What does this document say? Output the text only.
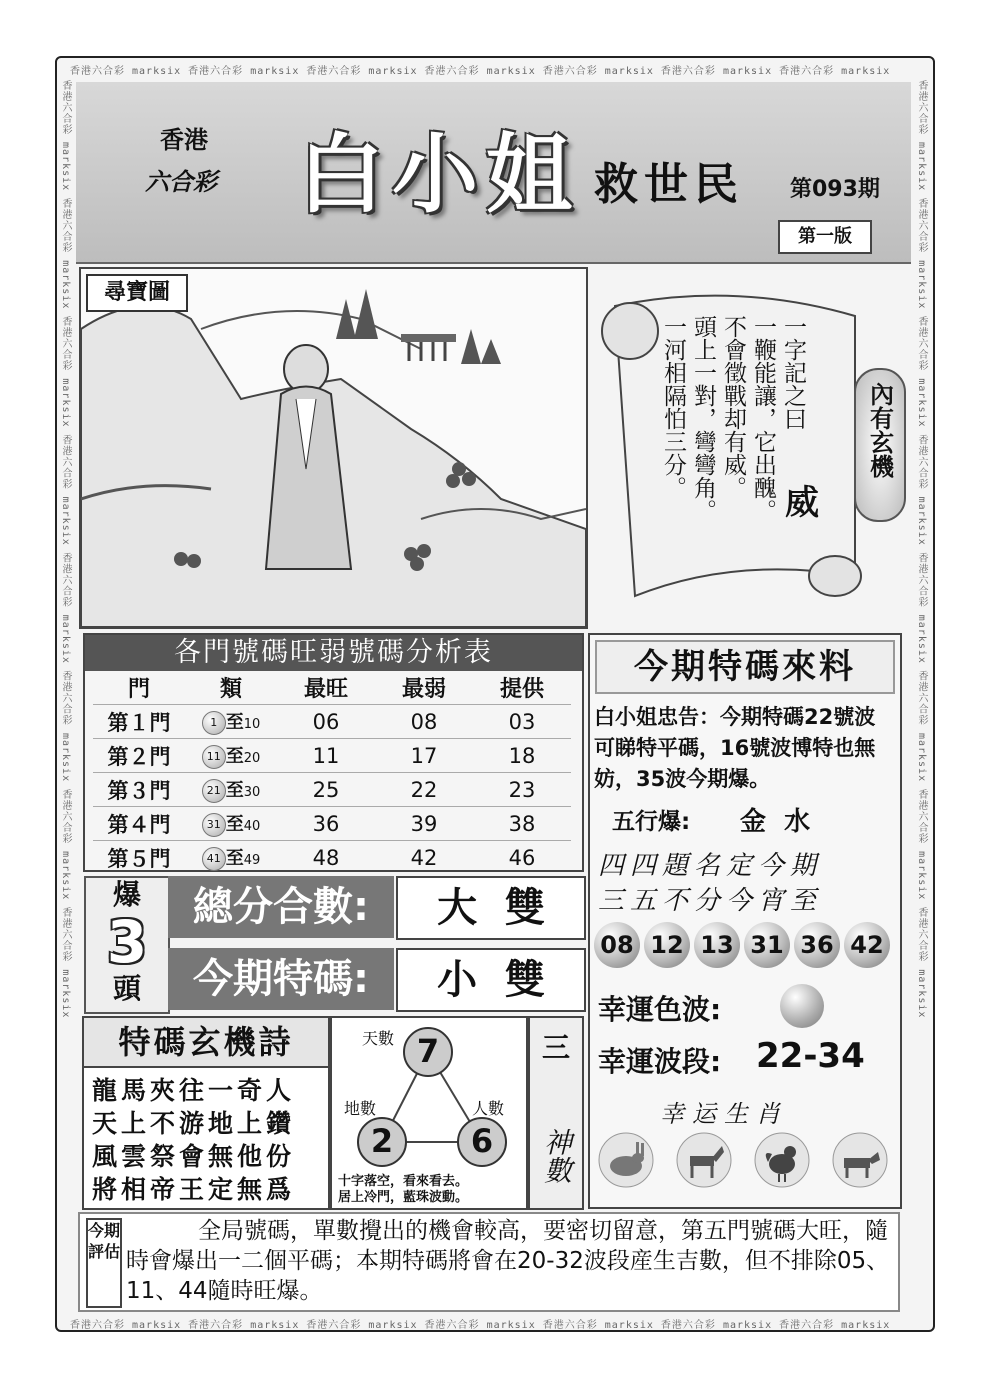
香港六合彩 marksix 香港六合彩 marksix 香港六合彩 marksix 香港六合彩 marksix 香港六合彩 marksix 香港六合彩 marksix 香港六合彩 marksix
香港六合彩 marksix 香港六合彩 marksix 香港六合彩 marksix 香港六合彩 marksix 香港六合彩 marksix 香港六合彩 marksix 香港六合彩 marksix
香港六合彩 marksix 香港六合彩 marksix 香港六合彩 marksix 香港六合彩 marksix 香港六合彩 marksix 香港六合彩 marksix 香港六合彩 marksix 香港六合彩 marksix	香港六合彩 marksix 香港六合彩 marksix 香港六合彩 marksix 香港六合彩 marksix 香港六合彩 marksix 香港六合彩 marksix 香港六合彩 marksix 香港六合彩 marksix
香港
六合彩 白小姐 救世民 第093期
第一版
尋寶圖
一字記之曰
一鞭能讓，它出醜。
不會徵戰却有威。
頭上一對，彎彎角。
一河相隔怕三分。
威
內有玄機
各門號碼旺弱號碼分析表
門	類	最旺	最弱	提供
第１門	1 至10	06	08	03
第２門	11 至20	11	17	18
第３門	21 至30	25	22	23
第４門	31 至40	36	39	38
第５門	41 至49	48	42	46
今期特碼來料
白小姐忠告：今期特碼22號波可睇特平碼，16號波博特也無妨，35波今期爆。
五行爆: 金  水
四四題名定今期
三五不分今宵至
08 12 13 31 36 42
幸運色波:
幸運波段: 22-34
幸运生肖
爆
3
頭
總分合數:	大  雙
今期特碼:	小  雙
特碼玄機詩
龍馬夾往一奇人
天上不游地上鑽
風雲祭會無他份
將相帝王定無爲
天數 7
地數
2
人數
6
十字落空，看來看去。
居上冷門，藍珠波動。
三
神數
今期評估
全局號碼，單數攪出的機會較高，要密切留意，第五門號碼大旺，隨時會爆出一二個平碼；本期特碼將會在20-32波段産生吉數，但不排除05、11、44隨時旺爆。
